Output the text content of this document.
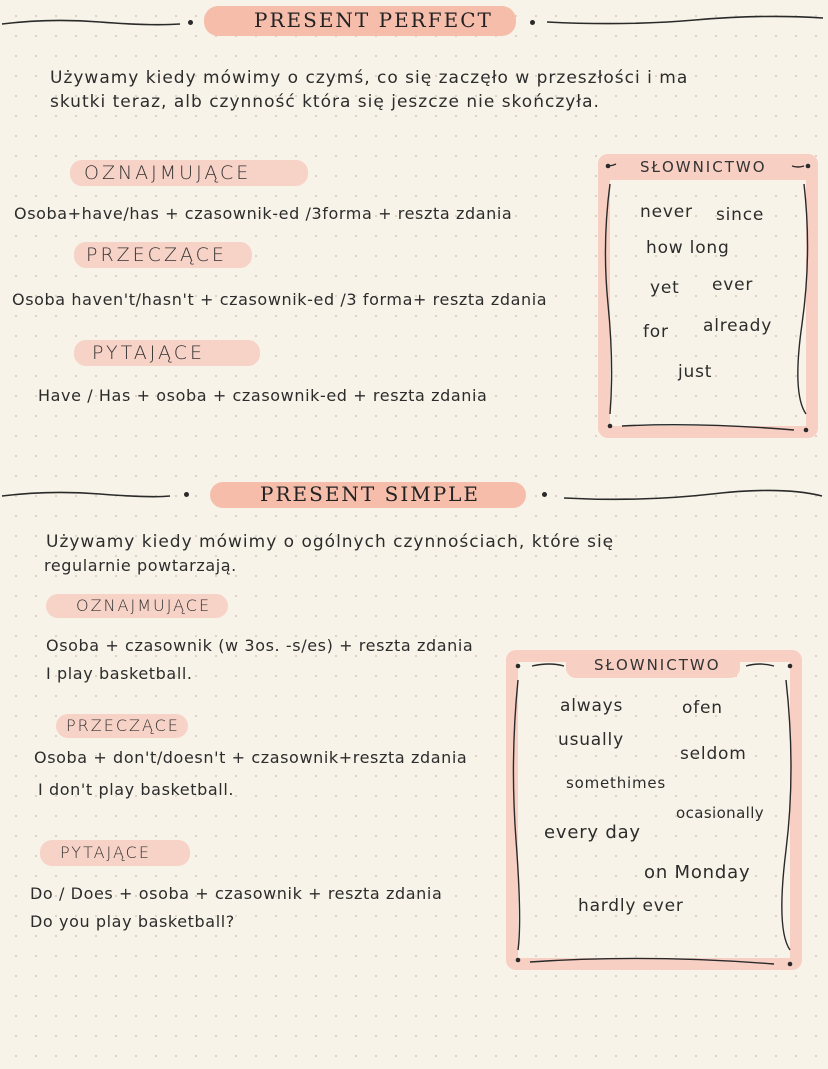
PRESENT PERFECT
Używamy kiedy mówimy o czymś, co się zaczęło w przeszłości i ma
skutki teraz, alb czynność która się jeszcze nie skończyła.
OZNAJMUJĄCE
Osoba+have/has + czasownik-ed /3forma + reszta zdania
PRZECZĄCE
Osoba haven't/hasn't + czasownik-ed /3 forma+ reszta zdania
PYTAJĄCE
Have / Has + osoba + czasownik-ed + reszta zdania
SŁOWNICTWO
never since
how long
yet ever
for already
just
PRESENT SIMPLE
Używamy kiedy mówimy o ogólnych czynnościach, które się
regularnie powtarzają.
OZNAJMUJĄCE
Osoba + czasownik (w 3os. -s/es) + reszta zdania
I play basketball.
PRZECZĄCE
Osoba + don't/doesn't + czasownik+reszta zdania
I don't play basketball.
PYTAJĄCE
Do / Does + osoba + czasownik + reszta zdania
Do you play basketball?
SŁOWNICTWO
always	ofen
usually
seldom
somethimes
ocasionally
every day
on Monday
hardly ever
